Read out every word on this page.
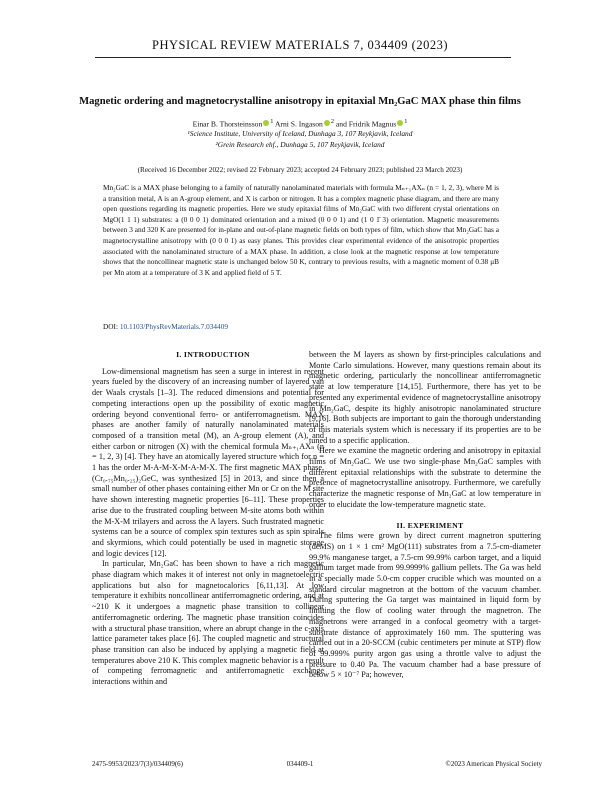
PHYSICAL REVIEW MATERIALS 7, 034409 (2023)
Magnetic ordering and magnetocrystalline anisotropy in epitaxial Mn₂GaC MAX phase thin films
Einar B. Thorsteinsson $^1$ Arni S. Ingason $^2$ and Fridrik Magnus $^1$
¹Science Institute, University of Iceland, Dunhaga 3, 107 Reykjavik, Iceland
²Grein Research ehf., Dunhaga 5, 107 Reykjavik, Iceland
(Received 16 December 2022; revised 22 February 2023; accepted 24 February 2023; published 23 March 2023)
Mn₂GaC is a MAX phase belonging to a family of naturally nanolaminated materials with formula Mₙ₊₁AXₙ (n = 1, 2, 3), where M is a transition metal, A is an A-group element, and X is carbon or nitrogen. It has a complex magnetic phase diagram, and there are many open questions regarding its magnetic properties. Here we study epitaxial films of Mn₂GaC with two different crystal orientations on MgO(1 1 1) substrates: a (0 0 0 1) dominated orientation and a mixed (0 0 0 1) and (1 0 1̄ 3) orientation. Magnetic measurements between 3 and 320 K are presented for in-plane and out-of-plane magnetic fields on both types of film, which show that Mn₂GaC has a magnetocrystalline anisotropy with (0 0 0 1) as easy planes. This provides clear experimental evidence of the anisotropic properties associated with the nanolaminated structure of a MAX phase. In addition, a close look at the magnetic response at low temperature shows that the noncollinear magnetic state is unchanged below 50 K, contrary to previous results, with a magnetic moment of 0.38 μB per Mn atom at a temperature of 3 K and applied field of 5 T.
DOI: 10.1103/PhysRevMaterials.7.034409

I. INTRODUCTION

Low-dimensional magnetism has seen a surge in interest in recent years fueled by the discovery of an increasing number of layered van der Waals crystals [1–3]. The reduced dimensions and potential for competing interactions open up the possibility of exotic magnetic ordering beyond conventional ferro- or antiferromagnetism. MAX phases are another family of naturally nanolaminated materials composed of a transition metal (M), an A-group element (A), and either carbon or nitrogen (X) with the chemical formula Mₙ₊₁AXₙ (n = 1, 2, 3) [4]. They have an atomically layered structure which for n = 1 has the order M-A-M-X-M-A-M-X. The first magnetic MAX phase, (Cr₀.₇₅Mn₀.₂₅)₂GeC, was synthesized [5] in 2013, and since then a small number of other phases containing either Mn or Cr on the M site have shown interesting magnetic properties [6–11]. These properties arise due to the frustrated coupling between M-site atoms both within the M-X-M trilayers and across the A layers. Such frustrated magnetic systems can be a source of complex spin textures such as spin spirals and skyrmions, which could potentially be used in magnetic storage and logic devices [12].

In particular, Mn₂GaC has been shown to have a rich magnetic phase diagram which makes it of interest not only in magnetoelectric applications but also for magnetocalorics [6,11,13]. At low temperature it exhibits noncollinear antiferromagnetic ordering, and at ~210 K it undergoes a magnetic phase transition to collinear antiferromagnetic ordering. The magnetic phase transition coincides with a structural phase transition, where an abrupt change in the c-axis lattice parameter takes place [6]. The coupled magnetic and structural phase transition can also be induced by applying a magnetic field at temperatures above 210 K. This complex magnetic behavior is a result of competing ferromagnetic and antiferromagnetic exchange interactions within and

between the M layers as shown by first-principles calculations and Monte Carlo simulations. However, many questions remain about its magnetic ordering, particularly the noncollinear antiferromagnetic state at low temperature [14,15]. Furthermore, there has yet to be presented any experimental evidence of magnetocrystalline anisotropy in Mn₂GaC, despite its highly anisotropic nanolaminated structure [9,16]. Both subjects are important to gain the thorough understanding of this materials system which is necessary if its properties are to be tuned to a specific application.

Here we examine the magnetic ordering and anisotropy in epitaxial films of Mn₂GaC. We use two single-phase Mn₂GaC samples with different epitaxial relationships with the substrate to determine the presence of magnetocrystalline anisotropy. Furthermore, we carefully characterize the magnetic response of Mn₂GaC at low temperature in order to elucidate the low-temperature magnetic state.

II. EXPERIMENT

The films were grown by direct current magnetron sputtering (dcMS) on 1 × 1 cm² MgO(111) substrates from a 7.5-cm-diameter 99.9% manganese target, a 7.5-cm 99.99% carbon target, and a liquid gallium target made from 99.9999% gallium pellets. The Ga was held in a specially made 5.0-cm copper crucible which was mounted on a standard circular magnetron at the bottom of the vacuum chamber. During sputtering the Ga target was maintained in liquid form by limiting the flow of cooling water through the magnetron. The magnetrons were arranged in a confocal geometry with a target-substrate distance of approximately 160 mm. The sputtering was carried out in a 20-SCCM (cubic centimeters per minute at STP) flow of 99.999% purity argon gas using a throttle valve to adjust the pressure to 0.40 Pa. The vacuum chamber had a base pressure of below 5 × 10⁻⁷ Pa; however,

2475-9953/2023/7(3)/034409(6)	034409-1	©2023 American Physical Society
